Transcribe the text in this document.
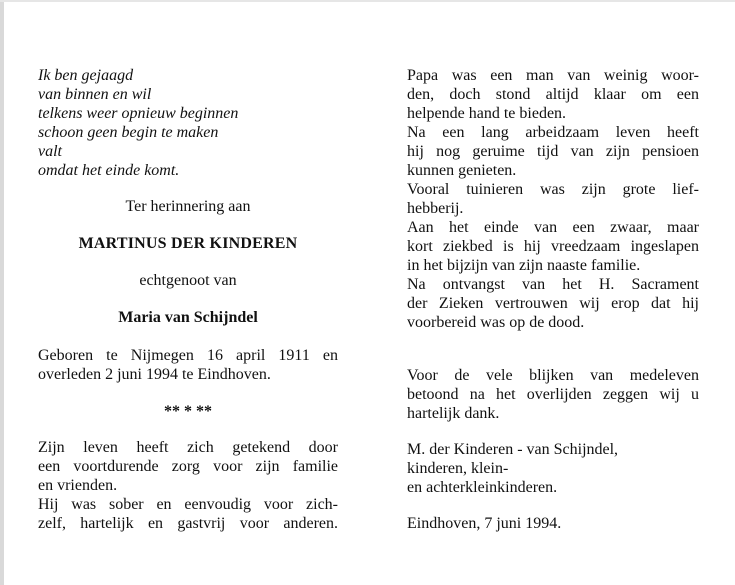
Ik ben gejaagd
van binnen en wil
telkens weer opnieuw beginnen
schoon geen begin te maken
valt
omdat het einde komt.
Ter herinnering aan
MARTINUS DER KINDEREN
echtgenoot van
Maria van Schijndel
Geboren te Nijmegen 16 april 1911 en
overleden 2 juni 1994 te Eindhoven.
** * **
Zijn leven heeft zich getekend door
een voortdurende zorg voor zijn familie
en vrienden.
Hij was sober en eenvoudig voor zich-
zelf, hartelijk en gastvrij voor anderen.
Papa was een man van weinig woor-
den, doch stond altijd klaar om een
helpende hand te bieden.
Na een lang arbeidzaam leven heeft
hij nog geruime tijd van zijn pensioen
kunnen genieten.
Vooral tuinieren was zijn grote lief-
hebberij.
Aan het einde van een zwaar, maar
kort ziekbed is hij vreedzaam ingeslapen
in het bijzijn van zijn naaste familie.
Na ontvangst van het H. Sacrament
der Zieken vertrouwen wij erop dat hij
voorbereid was op de dood.
Voor de vele blijken van medeleven
betoond na het overlijden zeggen wij u
hartelijk dank.
M. der Kinderen - van Schijndel,
kinderen, klein-
en achterkleinkinderen.
Eindhoven, 7 juni 1994.
